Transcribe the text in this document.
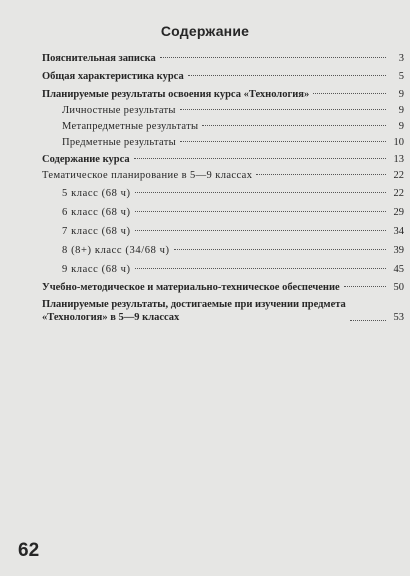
Содержание
Пояснительная записка	3
Общая характеристика курса	5
Планируемые результаты освоения курса «Технология»	9
Личностные результаты	9
Метапредметные результаты	9
Предметные результаты	10
Содержание курса	13
Тематическое планирование в 5—9 классах	22
5 класс (68 ч)	22
6 класс (68 ч)	29
7 класс (68 ч)	34
8 (8+) класс (34/68 ч)	39
9 класс (68 ч)	45
Учебно-методическое и материально-техническое обеспечение	50
Планируемые результаты, достигаемые при изучении предмета
«Технология» в 5—9 классах	53
62
